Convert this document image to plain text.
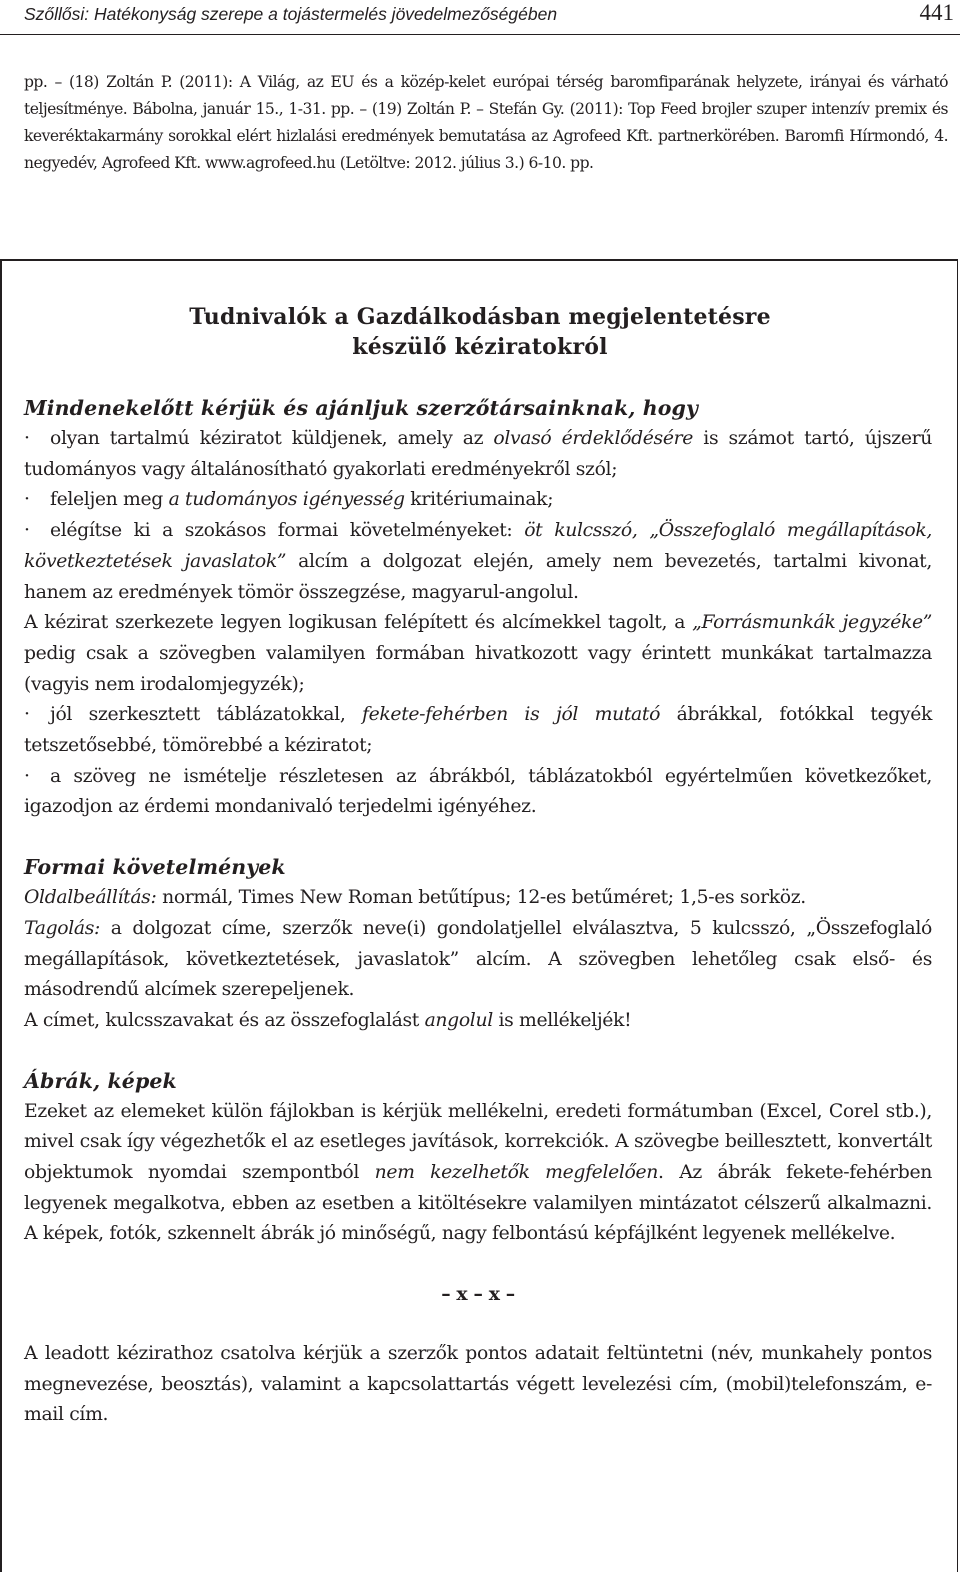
Szőllősi: Hatékonyság szerepe a tojástermelés jövedelmezőségében	441

pp. – (18) Zoltán P. (2011): A Világ, az EU és a közép-kelet európai térség baromfiparának helyzete, irányai és várható teljesítménye. Bábolna, január 15., 1-31. pp. – (19) Zoltán P. – Stefán Gy. (2011): Top Feed brojler szuper intenzív premix és keveréktakarmány sorokkal elért hizlalási eredmények bemutatása az Agrofeed Kft. partnerkörében. Baromfi Hírmondó, 4. negyedév, Agrofeed Kft. www.agrofeed.hu (Letöltve: 2012. július 3.) 6-10. pp.

Tudnivalók a Gazdálkodásban megjelentetésre
készülő kéziratokról
Mindenekelőtt kérjük és ajánljuk szerzőtársainknak, hogy

· olyan tartalmú kéziratot küldjenek, amely az olvasó érdeklődésére is számot tartó, újszerű tudományos vagy általánosítható gyakorlati eredményekről szól;

· feleljen meg a tudományos igényesség kritériumainak;

· elégítse ki a szokásos formai követelményeket: öt kulcsszó, „Összefoglaló megállapítások, következtetések javaslatok” alcím a dolgozat elején, amely nem bevezetés, tartalmi kivonat, hanem az eredmények tömör összegzése, magyarul-angolul.

A kézirat szerkezete legyen logikusan felépített és alcímekkel tagolt, a „Forrásmunkák jegyzéke” pedig csak a szövegben valamilyen formában hivatkozott vagy érintett munkákat tartalmazza (vagyis nem irodalomjegyzék);

· jól szerkesztett táblázatokkal, fekete-fehérben is jól mutató ábrákkal, fotókkal tegyék tetszetősebbé, tömörebbé a kéziratot;

· a szöveg ne ismételje részletesen az ábrákból, táblázatokból egyértelműen következőket, igazodjon az érdemi mondanivaló terjedelmi igényéhez.

Formai követelmények

Oldalbeállítás: normál, Times New Roman betűtípus; 12-es betűméret; 1,5-es sorköz.

Tagolás: a dolgozat címe, szerzők neve(i) gondolatjellel elválasztva, 5 kulcsszó, „Összefoglaló megállapítások, következtetések, javaslatok” alcím. A szövegben lehetőleg csak első- és másodrendű alcímek szerepeljenek.

A címet, kulcsszavakat és az összefoglalást angolul is mellékeljék!

Ábrák, képek

Ezeket az elemeket külön fájlokban is kérjük mellékelni, eredeti formátumban (Excel, Corel stb.), mivel csak így végezhetők el az esetleges javítások, korrekciók. A szövegbe beillesztett, konvertált objektumok nyomdai szempontból nem kezelhetők megfelelően. Az ábrák fekete-fehérben legyenek megalkotva, ebben az esetben a kitöltésekre valamilyen mintázatot célszerű alkalmazni. A képek, fotók, szkennelt ábrák jó minőségű, nagy felbontású képfájlként legyenek mellékelve.

– x – x –

A leadott kézirathoz csatolva kérjük a szerzők pontos adatait feltüntetni (név, munkahely pontos megnevezése, beosztás), valamint a kapcsolattartás végett levelezési cím, (mobil)telefonszám, e-mail cím.
